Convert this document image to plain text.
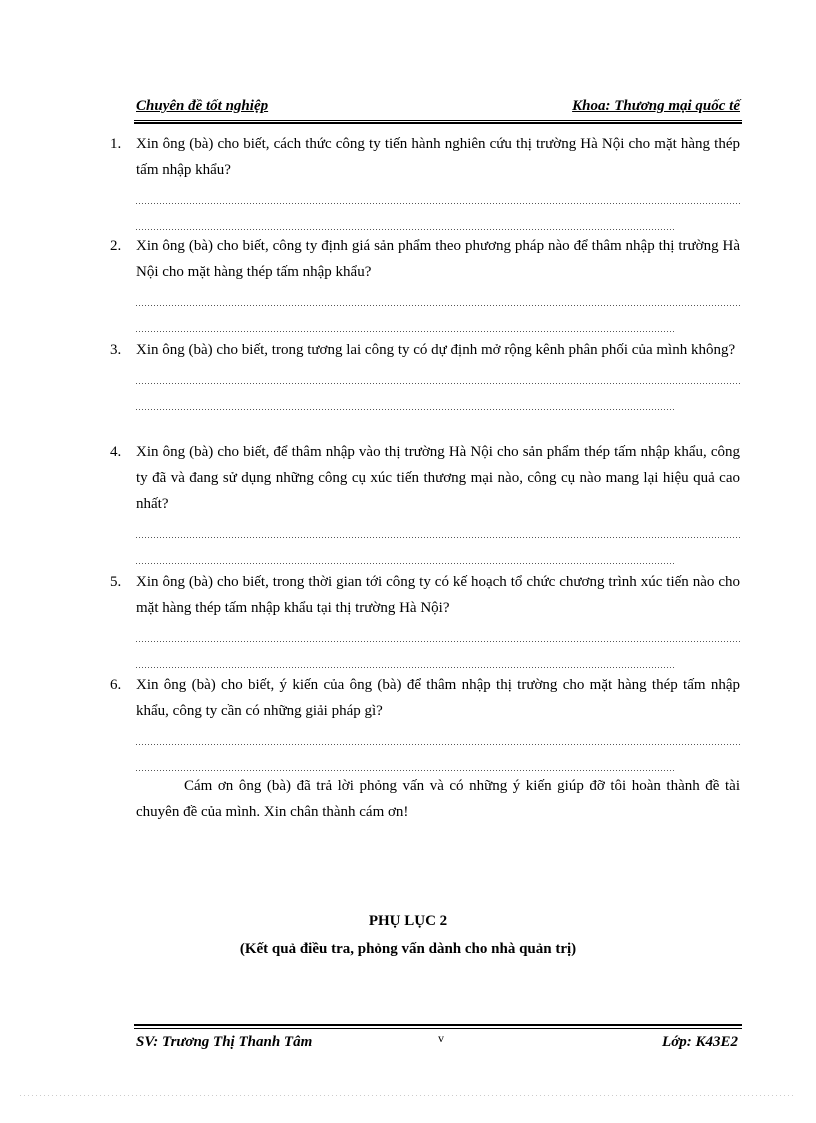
Chuyên đề tốt nghiệp	Khoa: Thương mại quốc tế
1. Xin ông (bà) cho biết, cách thức công ty tiến hành nghiên cứu thị trường Hà Nội cho mặt hàng thép tấm nhập khẩu?
2. Xin ông (bà) cho biết, công ty định giá sản phẩm theo phương pháp nào để thâm nhập thị trường Hà Nội cho mặt hàng thép tấm nhập khẩu?
3. Xin ông (bà) cho biết, trong tương lai công ty có dự định mở rộng kênh phân phối của mình không?
4. Xin ông (bà) cho biết, để thâm nhập vào thị trường Hà Nội cho sản phẩm thép tấm nhập khẩu, công ty đã và đang sử dụng những công cụ xúc tiến thương mại nào, công cụ nào mang lại hiệu quả cao nhất?
5. Xin ông (bà) cho biết, trong thời gian tới công ty có kế hoạch tổ chức chương trình xúc tiến nào cho mặt hàng thép tấm nhập khẩu tại thị trường Hà Nội?
6. Xin ông (bà) cho biết, ý kiến của ông (bà) để thâm nhập thị trường cho mặt hàng thép tấm nhập khẩu, công ty cần có những giải pháp gì?
Cám ơn ông (bà) đã trả lời phỏng vấn và có những ý kiến giúp đỡ tôi hoàn thành đề tài chuyên đề của mình. Xin chân thành cám ơn!
PHỤ LỤC 2
(Kết quả điều tra, phỏng vấn dành cho nhà quản trị)
SV: Trương Thị Thanh Tâm	v	Lớp: K43E2
